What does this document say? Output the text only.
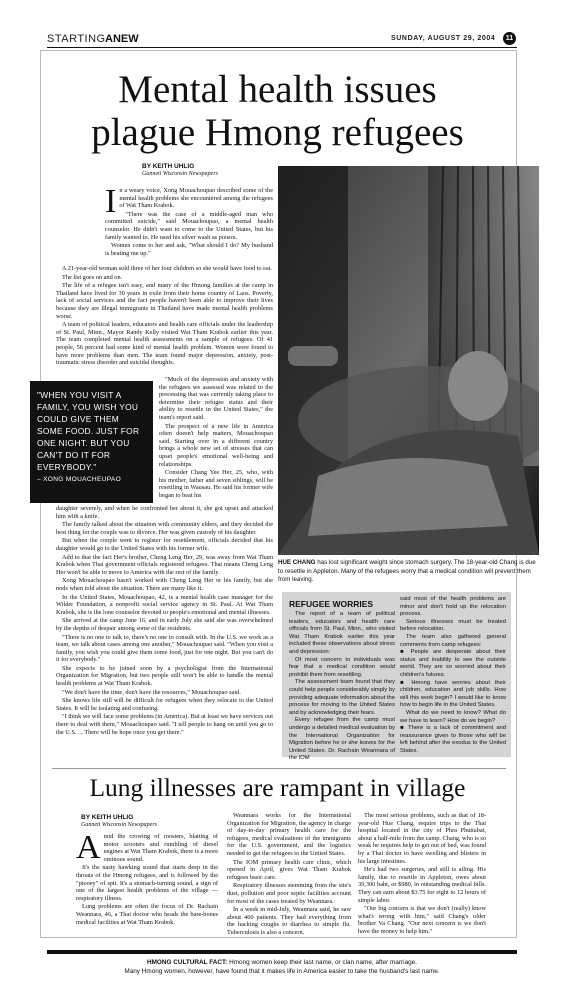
STARTING ANEW	SUNDAY, AUGUST 29, 2004	11
Mental health issues
plague Hmong refugees
BY KEITH UHLIG
Gannett Wisconsin Newspapers
I n a weary voice, Xong Mouachoupao described some of the mental health problems she encountered among the refugees of Wat Tham Krabok.

"There was the case of a middle-aged man who committed suicide," said Mouachoupao, a mental health counselor. He didn't want to come to the United States, but his family wanted to. He used his silver wash as poison.

Women come to her and ask, "What should I do? My husband is beating me up."

A 21-year-old woman sold three of her four children so she would have food to eat.

The list goes on and on.

The life of a refugee isn't easy, and many of the Hmong families at the camp in Thailand have lived for 30 years in exile from their home country of Laos. Poverty, lack of social services and the fact people haven't been able to improve their lives because they are illegal immigrants in Thailand have made mental health problems worse.

A team of political leaders, educators and health care officials under the leadership of St. Paul, Minn., Mayor Randy Kelly visited Wat Tham Krabok earlier this year. The team completed mental health assessments on a sample of refugees. Of 41 people, 56 percent had some kind of mental health problem. Women were found to have more problems than men. The team found major depression, anxiety, post-traumatic stress disorder and suicidal thoughts.

"WHEN YOU VISIT A FAMILY, YOU WISH YOU COULD GIVE THEM SOME FOOD. JUST FOR ONE NIGHT. BUT YOU CAN'T DO IT FOR EVERYBODY."
– XONG MOUACHEUPAO

"Much of the depression and anxiety with the refugees we assessed was related to the processing that was currently taking place to determine their refugee status and their ability to resettle in the United States," the team's report said.

The prospect of a new life in America often doesn't help matters, Mouachoupao said. Starting over in a different country brings a whole new set of stresses that can upset people's emotional well-being and relationships.

Consider Chang Yee Her, 25, who, with his mother, father and seven siblings, will be resettling in Wausau. He said his former wife began to beat his

daughter severely, and when he confronted her about it, she got upset and attacked him with a knife.

The family talked about the situation with community elders, and they decided the best thing for the couple was to divorce. Her was given custody of his daughter.

But when the couple went to register for resettlement, officials decided that his daughter would go to the United States with his former wife.

Add to that the fact Her's brother, Cheng Leng Her, 29, was away from Wat Tham Krabok when Thai government officials registered refugees. That means Cheng Leng Her won't be able to move to America with the rest of the family.

Xong Mouachoupao hasn't worked with Cheng Leng Her or his family, but she nods when told about the situation. There are many like it.

In the United States, Mouachoupao, 42, is a mental health case manager for the Wilder Foundation, a nonprofit social service agency in St. Paul. At Wat Tham Krabok, she is the lone counselor devoted to people's emotional and mental illnesses.

She arrived at the camp June 16, and in early July she said she was overwhelmed by the depths of despair among some of the residents.

"There is no one to talk to, there's no one to consult with. In the U.S. we work as a team, we talk about cases among one another," Mouachoupao said. "When you visit a family, you wish you could give them some food, just for one night. But you can't do it for everybody."

She expects to be joined soon by a psychologist from the International Organization for Migration, but two people still won't be able to handle the mental health problems at Wat Tham Krabok.

"We don't have the time, don't have the resources," Mouachoupao said.

She knows life still will be difficult for refugees when they relocate to the United States. It will be isolating and confusing.

"I think we will face some problems (in America). But at least we have services out there to deal with them," Mouachoupao said. "I tell people to hang on until you go to the U.S. ... There will be hope once you get there."

HUE CHANG has lost significant weight since stomach surgery. The 18-year-old Chang is due to resettle in Appleton. Many of the refugees worry that a medical condition will prevent them from leaving.
REFUGEE WORRIES
The report of a team of political leaders, educators and health care officials from St. Paul, Minn., who visited Wat Tham Krabok earlier this year included these observations about stress and depression:
Of most concern to individuals was fear that a medical condition would prohibit them from resettling.
The assessment team found that they could help people considerably simply by providing adequate information about the process for moving to the United States and by acknowledging their fears.
Every refugee from the camp must undergo a detailed medical evaluation by the International Organization for Migration before he or she leaves for the United States. Dr. Rachain Weannara of the IOM
said most of the health problems are minor and don't hold up the relocation process.
Serious illnesses must be treated before relocation.
The team also gathered general comments from camp refugees:
■ People are desperate about their status and inability to see the outside world. They are so worried about their children's futures.
■ Hmong have worries about their children, education and job skills. How will this work begin? I would like to know how to begin life in the United States.
What do we need to know? What do we have to learn? How do we begin?
■ There is a lack of commitment and reassurance given to those who will be left behind after the exodus to the United States.
Lung illnesses are rampant in village
BY KEITH UHLIG
Gannett Wisconsin Newspapers
A mid the crowing of roosters, blatting of motor scooters and rumbling of diesel engines at Wat Tham Krabok, there is a more ominous sound.

It's the nasty hawking sound that starts deep in the throats of the Hmong refugees, and is followed by the "ptooey" of spit. It's a stomach-turning sound, a sign of one of the largest health problems of the village — respiratory illness.

Lung problems are often the focus of Dr. Rachain Weannara, 46, a Thai doctor who heads the bare-bones medical facilities at Wat Tham Krabok.

Weannara works for the International Organization for Migration, the agency in charge of day-to-day primary health care for the refugees, medical evaluations of the immigrants for the U.S. government, and the logistics needed to get the refugees to the United States.

The IOM primary health care clinic, which opened in April, gives Wat Tham Krabok refugees basic care.

Respiratory illnesses stemming from the site's dust, pollution and poor septic facilities account for most of the cases treated by Weannara.

In a week in mid-July, Weannara said, he saw about 460 patients. They had everything from the hacking coughs to diarrhea to simple flu. Tuberculosis is also a concern.

The most serious problems, such as that of 18-year-old Hue Chang, require trips to the Thai hospital located in the city of Phra Phuttabat, about a half-mile from the camp. Chang, who is so weak he requires help to get out of bed, was found by a Thai doctor to have swelling and blisters in his large intestines.

He's had two surgeries, and still is ailing. His family, due to resettle in Appleton, owes about 39,300 baht, or $980, in outstanding medical bills. They can earn about $3.75 for eight to 12 hours of simple labor.

"Our big concern is that we don't (really) know what's wrong with him," said Chang's older brother Va Chang. "Our next concern is we don't have the money to help him."

HMONG CULTURAL FACT: Hmong women keep their last name, or clan name, after marriage.
Many Hmong women, however, have found that it makes life in America easier to take the husband's last name.
